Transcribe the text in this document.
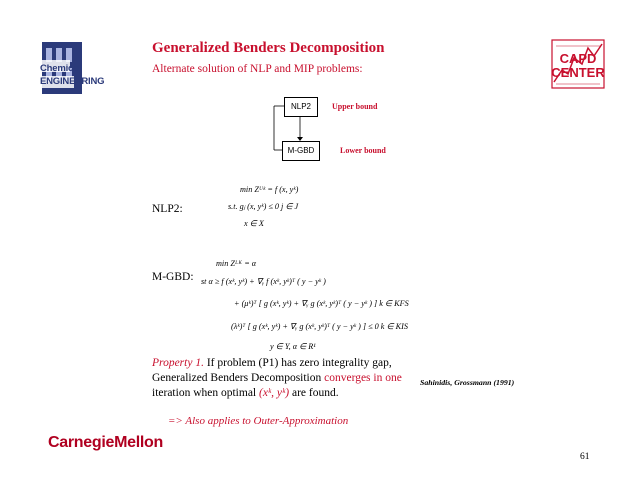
Chemical ENGINEERING
CAPD CENTER
Generalized Benders Decomposition
Alternate solution of NLP and MIP problems:
NLP2
M-GBD
Upper bound
Lower bound
NLP2:
min Zᵁᵏ = f (x, yᵏ)
s.t. gⱼ (x, yᵏ) ≤ 0 j ∈ J
x ∈ X
M-GBD:
min Zᴸᴷ = α
st α ≥ f (xᵏ, yᵏ) + ∇ᵧ f (xᵏ, yᵏ)ᵀ ( y − yᵏ )
+ (μᵏ)ᵀ [ g (xᵏ, yᵏ) + ∇ᵧ g (xᵏ, yᵏ)ᵀ ( y − yᵏ ) ] k ∈ KFS
(λᵏ)ᵀ [ g (xᵏ, yᵏ) + ∇ᵧ g (xᵏ, yᵏ)ᵀ ( y − yᵏ ) ] ≤ 0 k ∈ KIS
y ∈ Y, α ∈ R¹
Property 1. If problem (P1) has zero integrality gap,
Generalized Benders Decomposition converges in one
iteration when optimal (xᵏ, yᵏ) are found.
Sahinidis, Grossmann (1991)
=> Also applies to Outer-Approximation
CarnegieMellon
61
